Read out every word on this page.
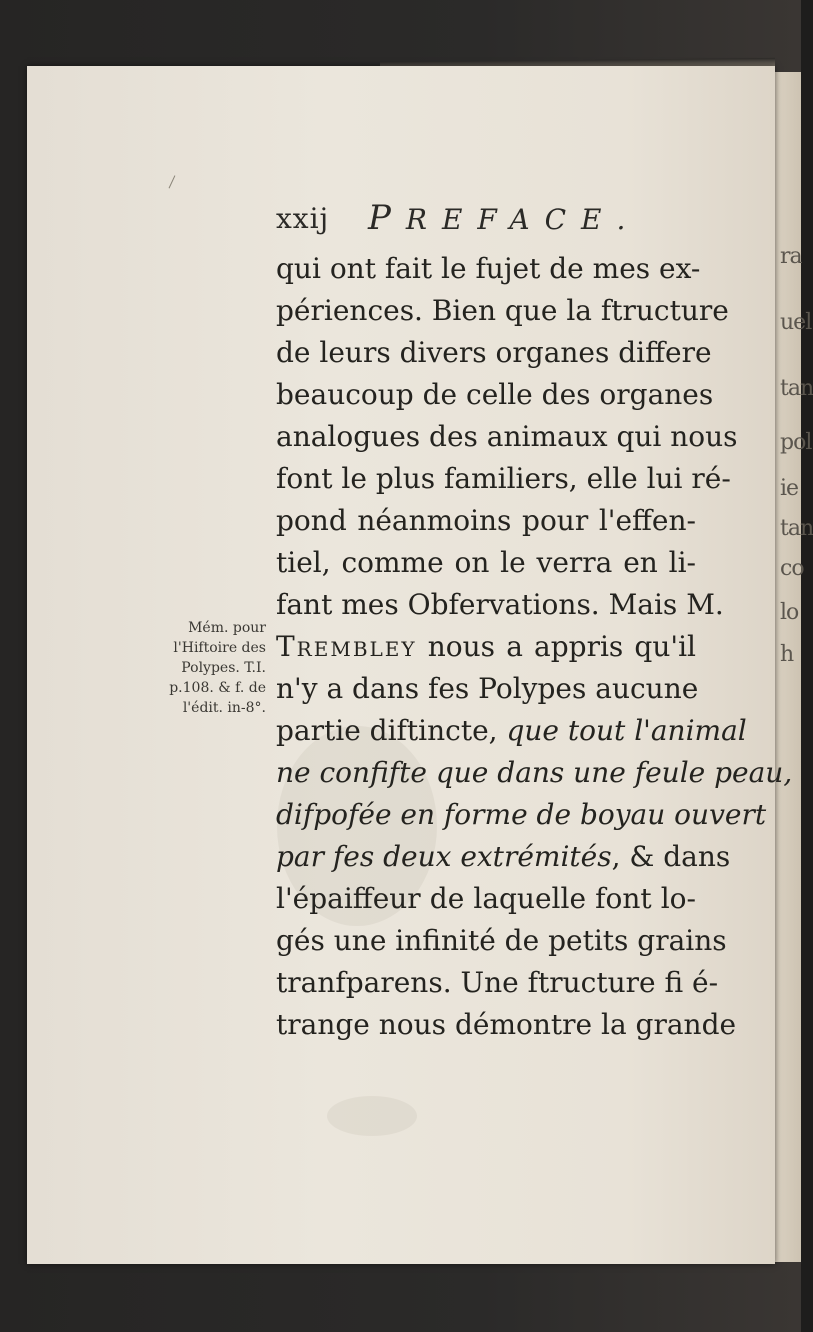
ra
uel
tan
pol
ie
tan
co
lo
h
xxij PREFACE.
qui ont fait le fujet de mes ex-
périences. Bien que la ftructure
de leurs divers organes differe
beaucoup de celle des organes
analogues des animaux qui nous
font le plus familiers, elle lui ré-
pond néanmoins pour l'effen-
tiel, comme on le verra en li-
fant mes Obfervations. Mais M.
Trembley nous a appris qu'il
n'y a dans fes Polypes aucune
partie diftincte, que tout l'animal
ne confifte que dans une feule peau,
difpofée en forme de boyau ouvert
par fes deux extrémités, & dans
l'épaiffeur de laquelle font lo-
gés une infinité de petits grains
tranfparens. Une ftructure fi é-
trange nous démontre la grande
Mém. pour
l'Hiftoire des
Polypes. T.I.
p.108. & f. de
l'édit. in-8°.
